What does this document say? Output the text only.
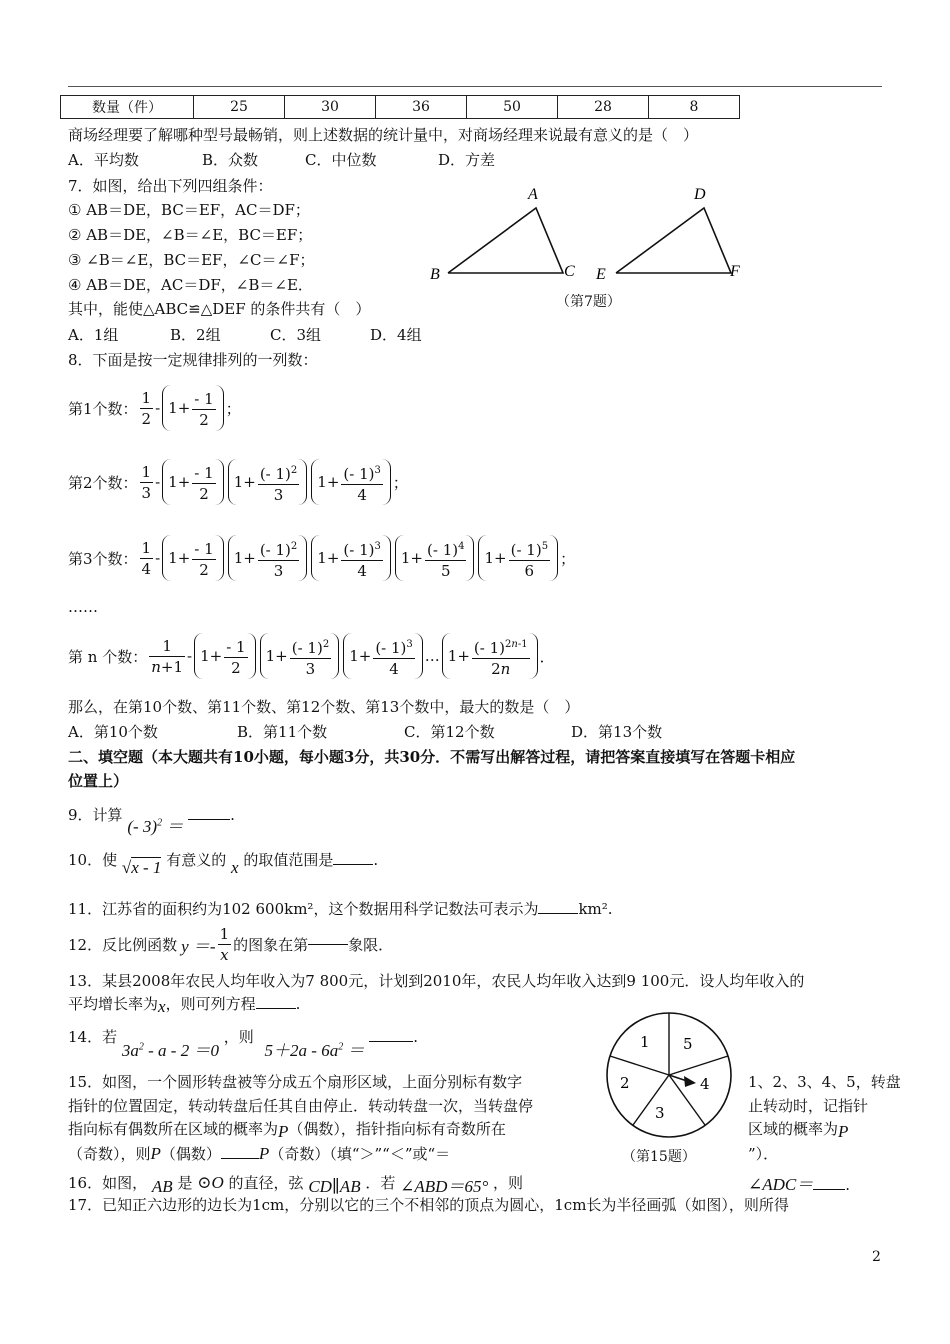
数量（件）	25	30	36	50	28	8
商场经理要了解哪种型号最畅销，则上述数据的统计量中，对商场经理来说最有意义的是（　）
A．平均数	B．众数	C．中位数	D．方差
7．如图，给出下列四组条件：
① AB＝DE，BC＝EF，AC＝DF；
② AB＝DE，∠B＝∠E，BC＝EF；
③ ∠B＝∠E，BC＝EF，∠C＝∠F；
④ AB＝DE，AC＝DF，∠B＝∠E．
其中，能使△ABC≌△DEF 的条件共有（　）
A．1组	B．2组	C．3组	D．4组
A
B	C
D
E	F
（第7题）
8．下面是按一定规律排列的一列数：
第1个数： $\frac{1}{2} - 1+ \frac{- 1}{2}$ ；
第2个数： $\frac{1}{3} - 1+ \frac{- 1}{2}$	$1+ \frac{(- 1)^2}{3}$	$1+ \frac{(- 1)^3}{4}$ ；
第3个数： $\frac{1}{4} - 1+ \frac{- 1}{2}$	$1+ \frac{(- 1)^2}{3}$	$1+ \frac{(- 1)^3}{4}$	$1+ \frac{(- 1)^4}{5}$	$1+ \frac{(- 1)^5}{6}$ ；
……
第 n 个数： $\frac{1}{n+1} - 1+ \frac{- 1}{2}$	$1+ \frac{(- 1)^2}{3}$	$1+ \frac{(- 1)^3}{4}$ … $1+ \frac{(- 1)^{2n-1}}{2n}$ ．
那么，在第10个数、第11个数、第12个数、第13个数中，最大的数是（　）
A．第10个数	B．第11个数	C．第12个数	D．第13个数
二、填空题（本大题共有10小题，每小题3分，共30分．不需写出解答过程，请把答案直接填写在答题卡相应
位置上）
9．计算 (- 3)$^2$ ＝ .
10．使 √x - 1 有意义的 x 的取值范围是	.
11．江苏省的面积约为102 600km²，这个数据用科学记数法可表示为	km².
12．反比例函数 $y =- \frac{1}{x}$ 的图象在第	象限．
13．某县2008年农民人均年收入为7 800元，计划到2010年，农民人均年收入达到9 100元．设人均年收入的
平均增长率为x，则可列方程	.
14．若 $3a^2 - a - 2 =0$ ，则 $5+2a - 6a^2$ ＝ .	1
2
3
4
5
（第15题）
15．如图，一个圆形转盘被等分成五个扇形区域，上面分别标有数字	1、2、3、4、5，转盘
指针的位置固定，转动转盘后任其自由停止．转动转盘一次，当转盘停	止转动时，记指针
指向标有偶数所在区域的概率为P（偶数），指针指向标有奇数所在	区域的概率为P
（奇数），则P（偶数） P（奇数）（填“＞”“＜”或“＝	”）．
16．如图， AB 是 ⊙O 的直径，弦 CD∥AB ．若 ∠ABD＝65° ，则	∠ADC＝ .
17．已知正六边形的边长为1cm，分别以它的三个不相邻的顶点为圆心，1cm长为半径画弧（如图），则所得
2
